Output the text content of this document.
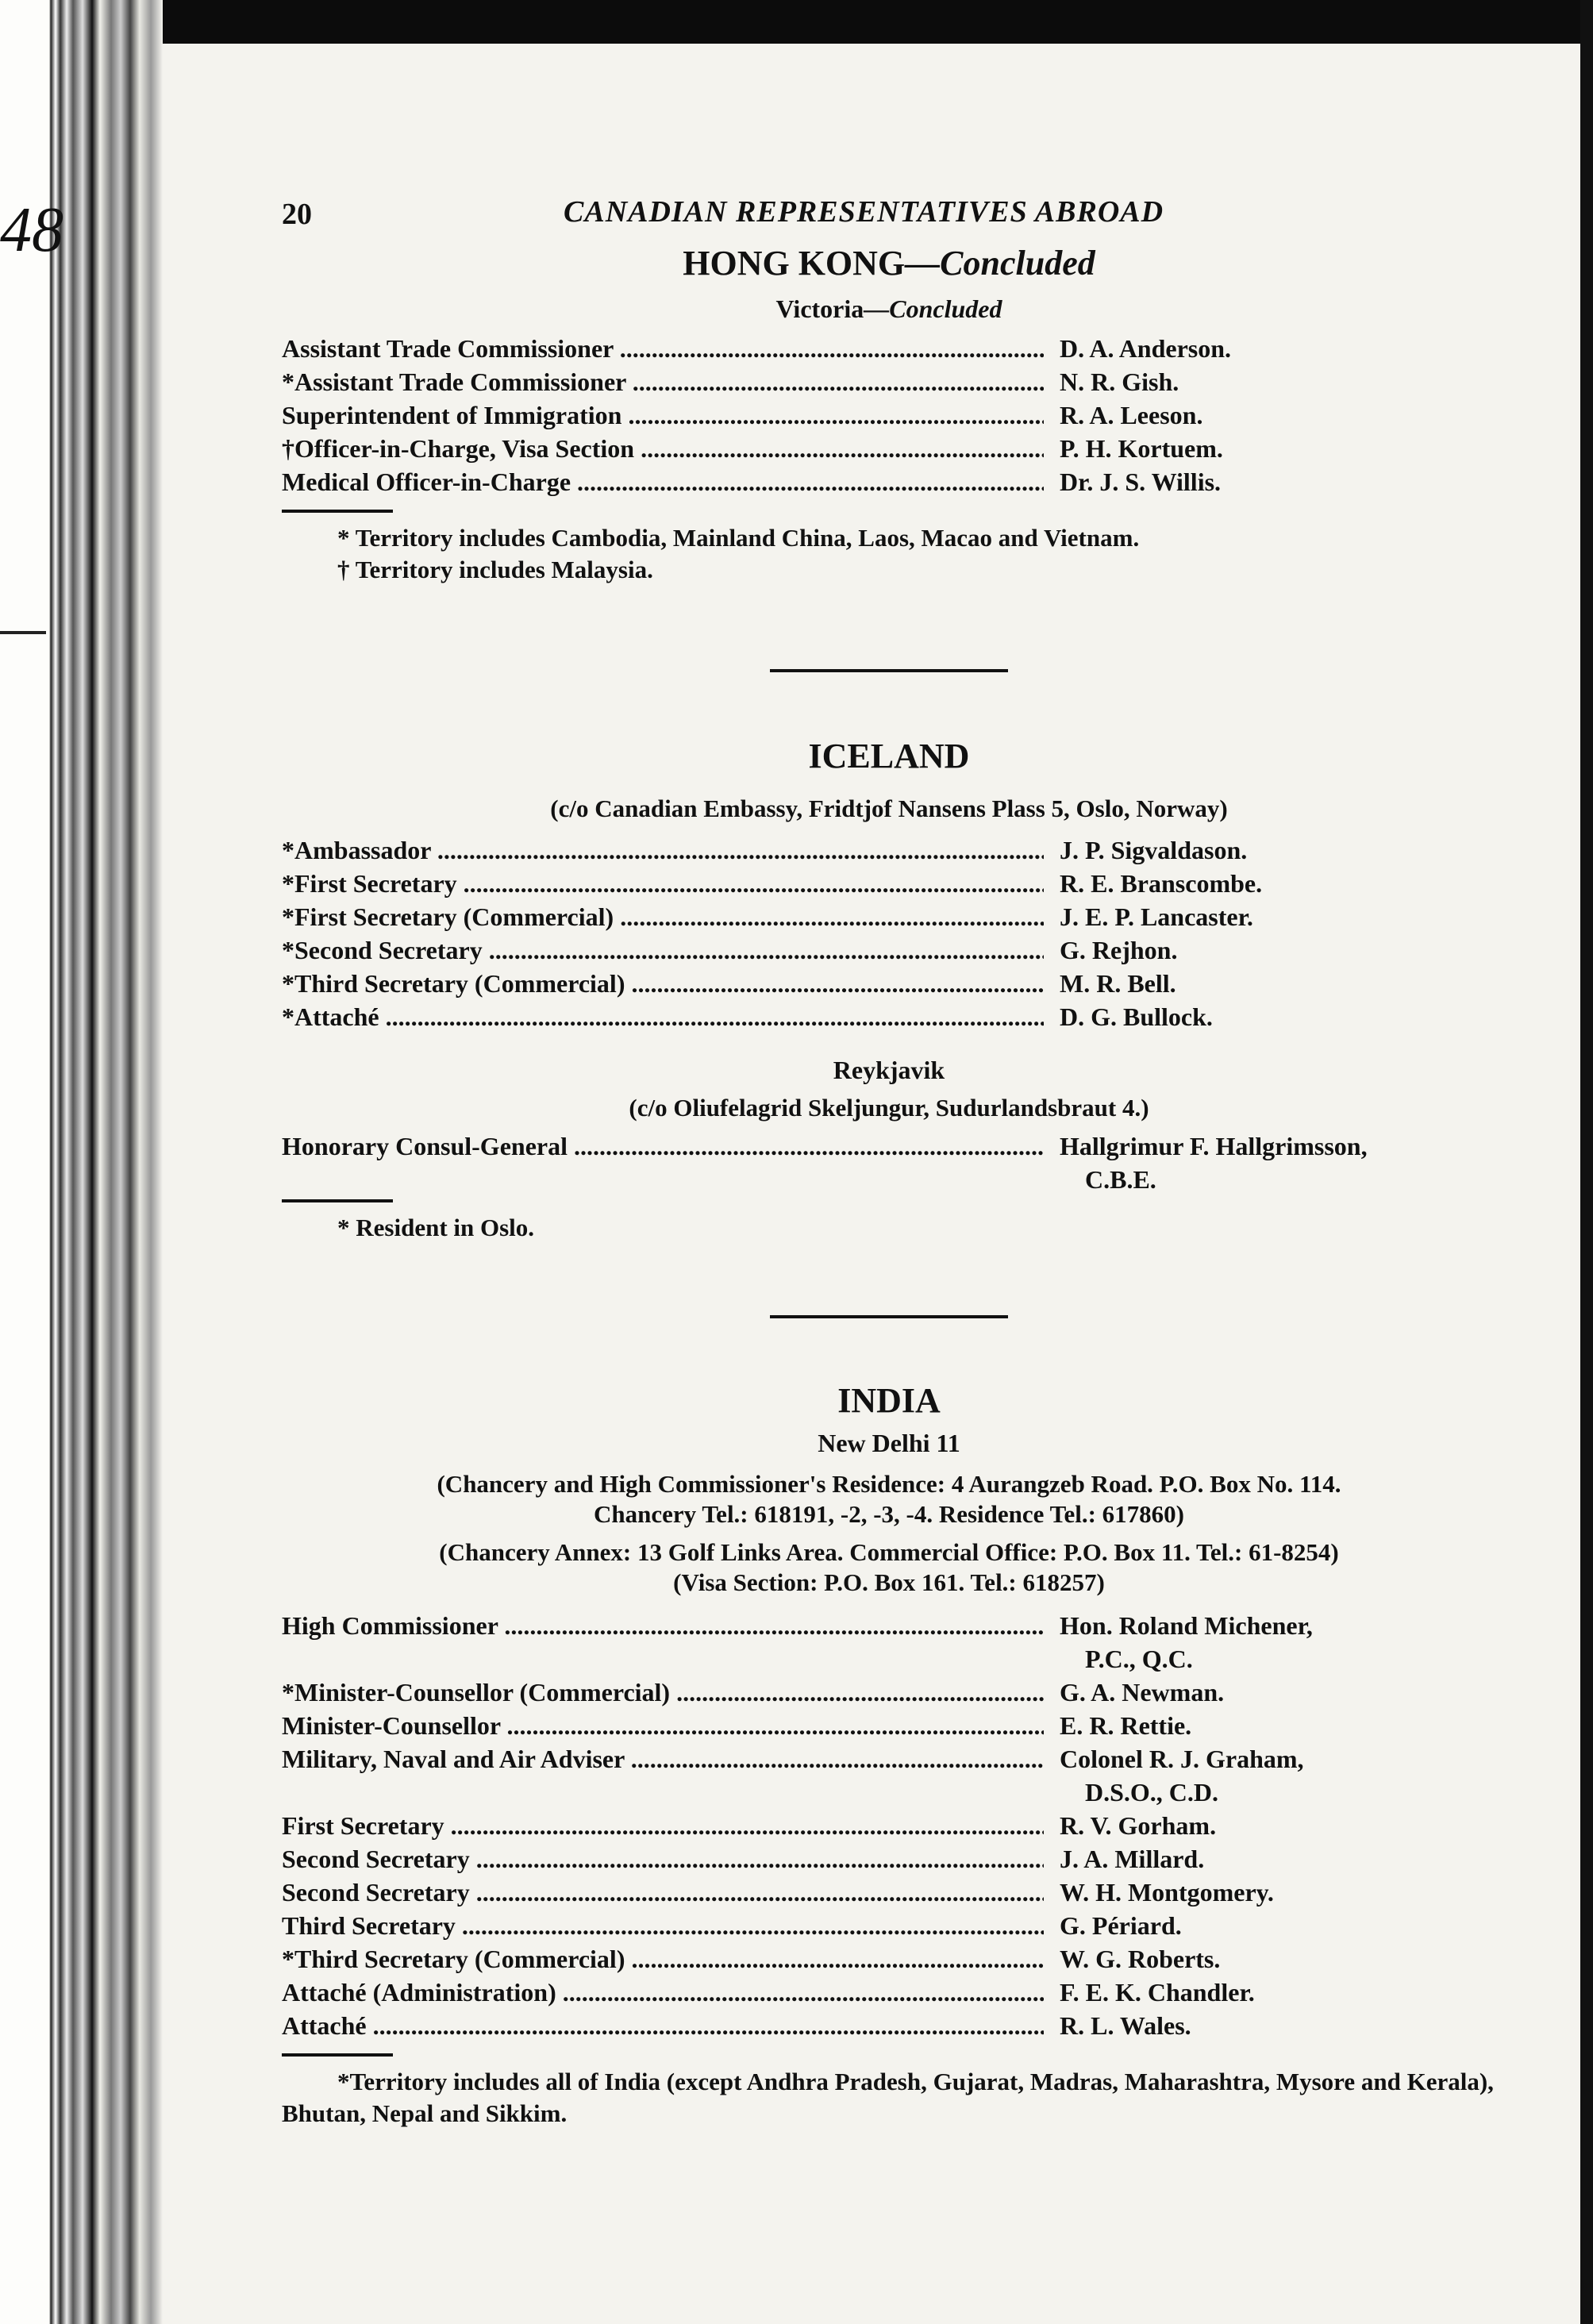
48	20	CANADIAN REPRESENTATIVES ABROAD
HONG KONG—Concluded

Victoria—Concluded

Assistant Trade Commissioner .....	D. A. Anderson.
*Assistant Trade Commissioner .....	N. R. Gish.
Superintendent of Immigration .....	R. A. Leeson.
†Officer-in-Charge, Visa Section .....	P. H. Kortuem.
Medical Officer-in-Charge .....	Dr. J. S. Willis.

* Territory includes Cambodia, Mainland China, Laos, Macao and Vietnam.

† Territory includes Malaysia.

ICELAND

(c/o Canadian Embassy, Fridtjof Nansens Plass 5, Oslo, Norway)

*Ambassador .....	J. P. Sigvaldason.
*First Secretary .....	R. E. Branscombe.
*First Secretary (Commercial) .....	J. E. P. Lancaster.
*Second Secretary .....	G. Rejhon.
*Third Secretary (Commercial) .....	M. R. Bell.
*Attaché .....	D. G. Bullock.

Reykjavik

(c/o Oliufelagrid Skeljungur, Sudurlandsbraut 4.)

Honorary Consul-General .....	Hallgrimur F. Hallgrimsson,
C.B.E.

* Resident in Oslo.

INDIA

New Delhi 11

(Chancery and High Commissioner's Residence: 4 Aurangzeb Road. P.O. Box No. 114.

Chancery Tel.: 618191, -2, -3, -4. Residence Tel.: 617860)

(Chancery Annex: 13 Golf Links Area. Commercial Office: P.O. Box 11. Tel.: 61-8254)

(Visa Section: P.O. Box 161. Tel.: 618257)

High Commissioner .....	Hon. Roland Michener,
P.C., Q.C.
*Minister-Counsellor (Commercial) .....	G. A. Newman.
Minister-Counsellor .....	E. R. Rettie.
Military, Naval and Air Adviser .....	Colonel R. J. Graham,
D.S.O., C.D.
First Secretary .....	R. V. Gorham.
Second Secretary .....	J. A. Millard.
Second Secretary .....	W. H. Montgomery.
Third Secretary .....	G. Périard.
*Third Secretary (Commercial) .....	W. G. Roberts.
Attaché (Administration) .....	F. E. K. Chandler.
Attaché .....	R. L. Wales.

*Territory includes all of India (except Andhra Pradesh, Gujarat, Madras, Maharashtra, Mysore and Kerala), Bhutan, Nepal and Sikkim.
